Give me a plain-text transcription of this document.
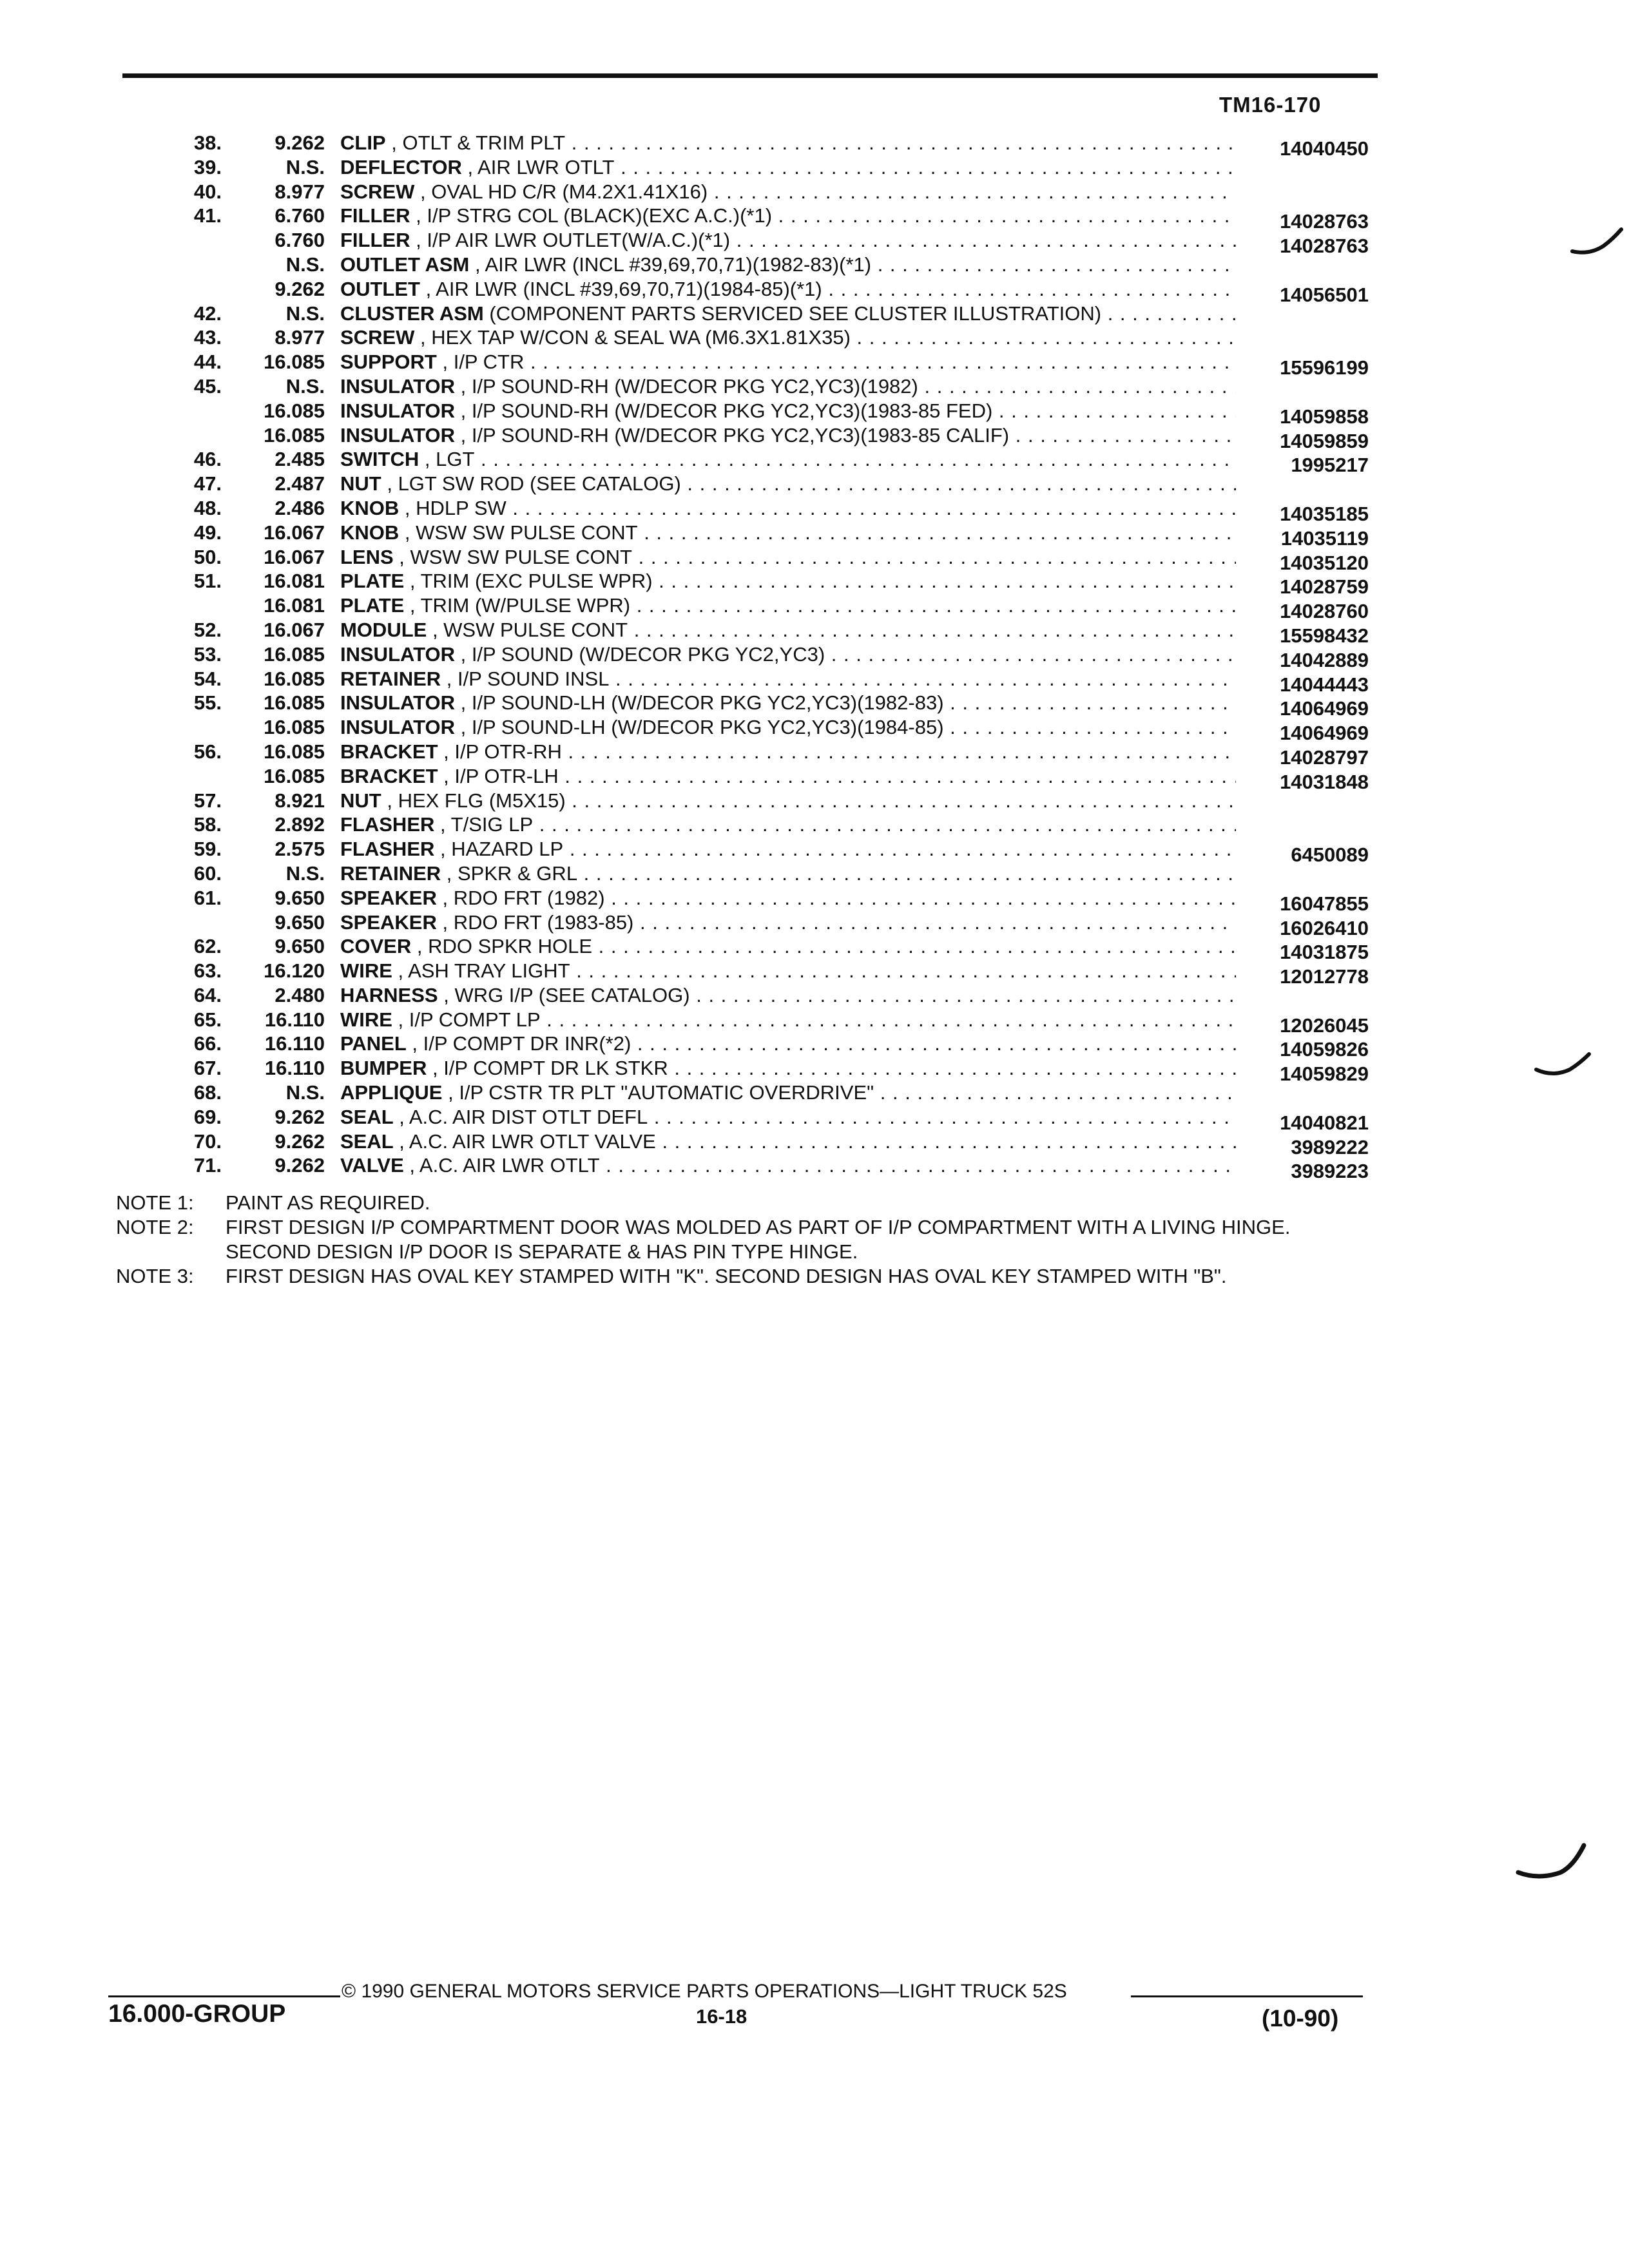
TM16-170
38.	9.262 CLIP , OTLT & TRIM PLT . . .	14040450
39.	N.S. DEFLECTOR , AIR LWR OTLT . . .
40.	8.977 SCREW , OVAL HD C/R (M4.2X1.41X16) . . .
41.	6.760 FILLER , I/P STRG COL (BLACK)(EXC A.C.)(*1) . . .	14028763
6.760 FILLER , I/P AIR LWR OUTLET(W/A.C.)(*1) . . .	14028763
N.S. OUTLET ASM , AIR LWR (INCL #39,69,70,71)(1982-83)(*1) . . .
9.262 OUTLET , AIR LWR (INCL #39,69,70,71)(1984-85)(*1) . . .	14056501
42.	N.S. CLUSTER ASM (COMPONENT PARTS SERVICED SEE CLUSTER ILLUSTRATION) . . .
43.	8.977 SCREW , HEX TAP W/CON & SEAL WA (M6.3X1.81X35) . . .
44.	16.085 SUPPORT , I/P CTR . . .	15596199
45.	N.S. INSULATOR , I/P SOUND-RH (W/DECOR PKG YC2,YC3)(1982) . . .
16.085 INSULATOR , I/P SOUND-RH (W/DECOR PKG YC2,YC3)(1983-85 FED) . . .	14059858
16.085 INSULATOR , I/P SOUND-RH (W/DECOR PKG YC2,YC3)(1983-85 CALIF) . . .	14059859
46.	2.485 SWITCH , LGT . . .	1995217
47.	2.487 NUT , LGT SW ROD (SEE CATALOG) . . .
48.	2.486 KNOB , HDLP SW . . .	14035185
49.	16.067 KNOB , WSW SW PULSE CONT . . .	14035119
50.	16.067 LENS , WSW SW PULSE CONT . . .	14035120
51.	16.081 PLATE , TRIM (EXC PULSE WPR) . . .	14028759
16.081 PLATE , TRIM (W/PULSE WPR) . . .	14028760
52.	16.067 MODULE , WSW PULSE CONT . . .	15598432
53.	16.085 INSULATOR , I/P SOUND (W/DECOR PKG YC2,YC3) . . .	14042889
54.	16.085 RETAINER , I/P SOUND INSL . . .	14044443
55.	16.085 INSULATOR , I/P SOUND-LH (W/DECOR PKG YC2,YC3)(1982-83) . . .	14064969
16.085 INSULATOR , I/P SOUND-LH (W/DECOR PKG YC2,YC3)(1984-85) . . .	14064969
56.	16.085 BRACKET , I/P OTR-RH . . .	14028797
16.085 BRACKET , I/P OTR-LH . . .	14031848
57.	8.921 NUT , HEX FLG (M5X15) . . .
58.	2.892 FLASHER , T/SIG LP . . .
59.	2.575 FLASHER , HAZARD LP . . .	6450089
60.	N.S. RETAINER , SPKR & GRL . . .
61.	9.650 SPEAKER , RDO FRT (1982) . . .	16047855
9.650 SPEAKER , RDO FRT (1983-85) . . .	16026410
62.	9.650 COVER , RDO SPKR HOLE . . .	14031875
63.	16.120 WIRE , ASH TRAY LIGHT . . .	12012778
64.	2.480 HARNESS , WRG I/P (SEE CATALOG) . . .
65.	16.110 WIRE , I/P COMPT LP . . .	12026045
66.	16.110 PANEL , I/P COMPT DR INR(*2) . . .	14059826
67.	16.110 BUMPER , I/P COMPT DR LK STKR . . .	14059829
68.	N.S. APPLIQUE , I/P CSTR TR PLT "AUTOMATIC OVERDRIVE" . . .
69.	9.262 SEAL , A.C. AIR DIST OTLT DEFL . . .	14040821
70.	9.262 SEAL , A.C. AIR LWR OTLT VALVE . . .	3989222
71.	9.262 VALVE , A.C. AIR LWR OTLT . . .	3989223
NOTE 1: PAINT AS REQUIRED.
NOTE 2: FIRST DESIGN I/P COMPARTMENT DOOR WAS MOLDED AS PART OF I/P COMPARTMENT WITH A LIVING HINGE. SECOND DESIGN I/P DOOR IS SEPARATE & HAS PIN TYPE HINGE.
NOTE 3: FIRST DESIGN HAS OVAL KEY STAMPED WITH "K". SECOND DESIGN HAS OVAL KEY STAMPED WITH "B".
16.000-GROUP
© 1990 GENERAL MOTORS SERVICE PARTS OPERATIONS—LIGHT TRUCK 52S
16-18	(10-90)
